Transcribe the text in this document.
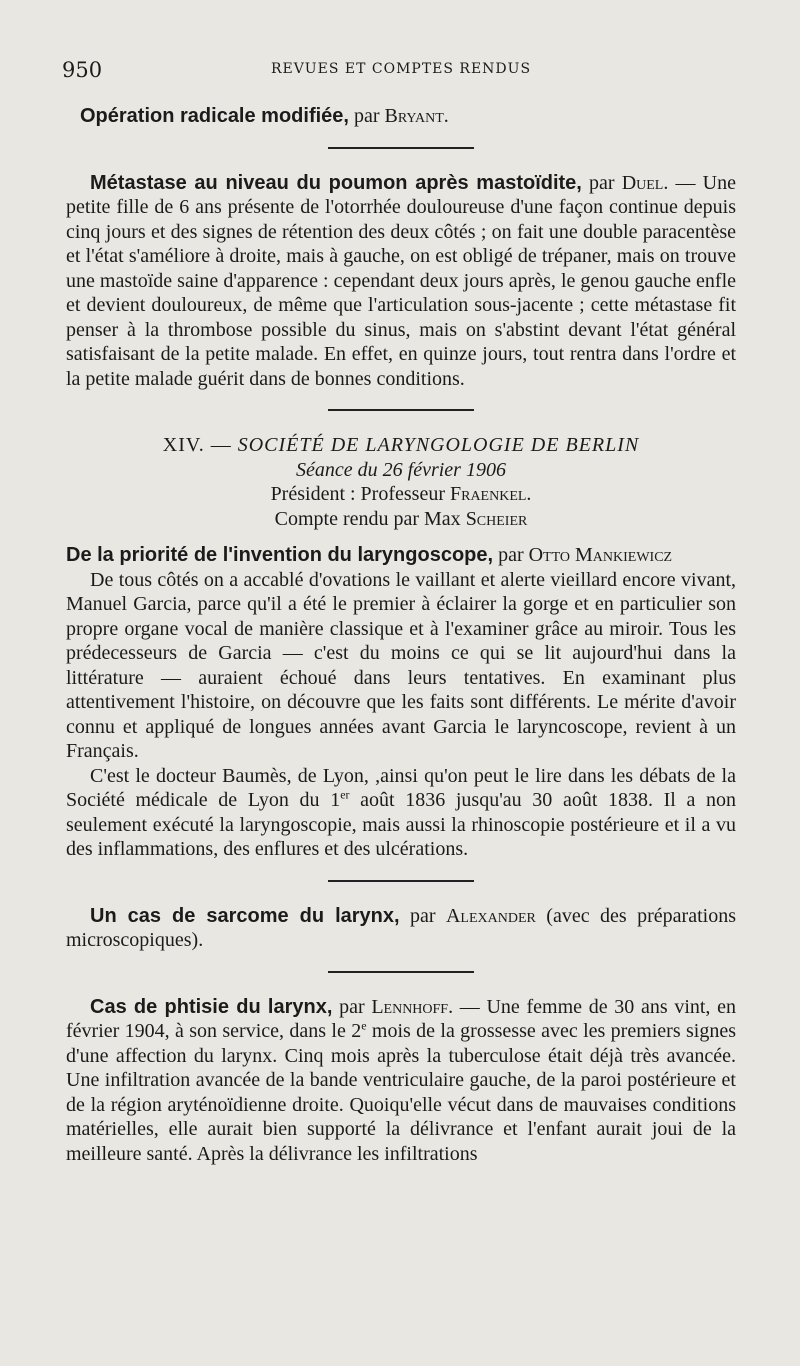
950	REVUES ET COMPTES RENDUS

Opération radicale modifiée, par Bryant.

Métastase au niveau du poumon après mastoïdite, par Duel. — Une petite fille de 6 ans présente de l'otorrhée douloureuse d'une façon continue depuis cinq jours et des signes de rétention des deux côtés ; on fait une double paracentèse et l'état s'améliore à droite, mais à gauche, on est obligé de trépaner, mais on trouve une mastoïde saine d'apparence : cependant deux jours après, le genou gauche enfle et devient douloureux, de même que l'articulation sous-jacente ; cette métastase fit penser à la thrombose possible du sinus, mais on s'abstint devant l'état général satisfaisant de la petite malade. En effet, en quinze jours, tout rentra dans l'ordre et la petite malade guérit dans de bonnes conditions.

XIV. — SOCIÉTÉ DE LARYNGOLOGIE DE BERLIN
Séance du 26 février 1906
Président : Professeur Fraenkel.
Compte rendu par Max Scheier

De la priorité de l'invention du laryngoscope, par Otto Mankiewicz

De tous côtés on a accablé d'ovations le vaillant et alerte vieillard encore vivant, Manuel Garcia, parce qu'il a été le premier à éclairer la gorge et en particulier son propre organe vocal de manière classique et à l'examiner grâce au miroir. Tous les prédecesseurs de Garcia — c'est du moins ce qui se lit aujourd'hui dans la littérature — auraient échoué dans leurs tentatives. En examinant plus attentivement l'histoire, on découvre que les faits sont différents. Le mérite d'avoir connu et appliqué de longues années avant Garcia le laryncoscope, revient à un Français.

C'est le docteur Baumès, de Lyon, ,ainsi qu'on peut le lire dans les débats de la Société médicale de Lyon du 1er août 1836 jusqu'au 30 août 1838. Il a non seulement exécuté la laryngoscopie, mais aussi la rhinoscopie postérieure et il a vu des inflammations, des enflures et des ulcérations.

Un cas de sarcome du larynx, par Alexander (avec des préparations microscopiques).

Cas de phtisie du larynx, par Lennhoff. — Une femme de 30 ans vint, en février 1904, à son service, dans le 2e mois de la grossesse avec les premiers signes d'une affection du larynx. Cinq mois après la tuberculose était déjà très avancée. Une infiltration avancée de la bande ventriculaire gauche, de la paroi postérieure et de la région aryténoïdienne droite. Quoiqu'elle vécut dans de mauvaises conditions matérielles, elle aurait bien supporté la délivrance et l'enfant aurait joui de la meilleure santé. Après la délivrance les infiltrations
